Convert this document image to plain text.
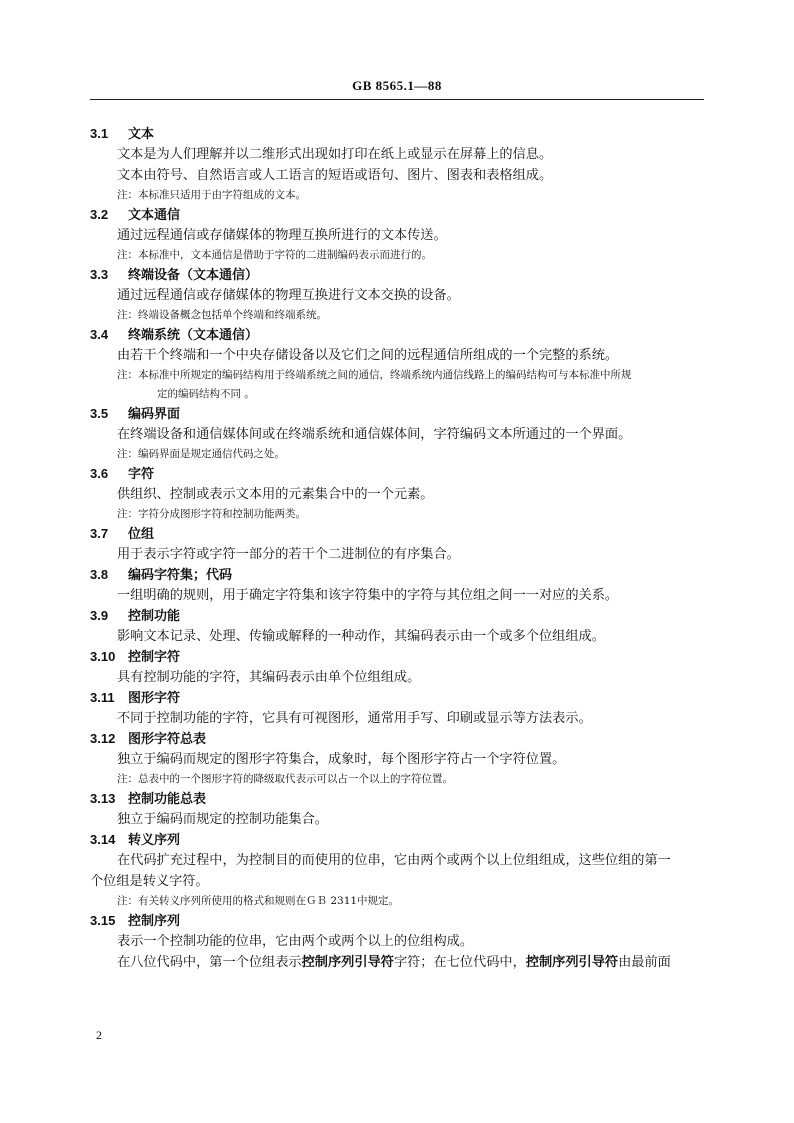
GB 8565.1—88
3.1 文本
文本是为人们理解并以二维形式出现如打印在纸上或显示在屏幕上的信息。
文本由符号、自然语言或人工语言的短语或语句、图片、图表和表格组成。
注：本标准只适用于由字符组成的文本。
3.2 文本通信
通过远程通信或存储媒体的物理互换所进行的文本传送。
注：本标准中，文本通信是借助于字符的二进制编码表示而进行的。
3.3 终端设备（文本通信）
通过远程通信或存储媒体的物理互换进行文本交换的设备。
注：终端设备概念包括单个终端和终端系统。
3.4 终端系统（文本通信）
由若干个终端和一个中央存储设备以及它们之间的远程通信所组成的一个完整的系统。
注：本标准中所规定的编码结构用于终端系统之间的通信，终端系统内通信线路上的编码结构可与本标准中所规
定的编码结构不同 。
3.5 编码界面
在终端设备和通信媒体间或在终端系统和通信媒体间，字符编码文本所通过的一个界面。
注：编码界面是规定通信代码之处。
3.6 字符
供组织、控制或表示文本用的元素集合中的一个元素。
注：字符分成图形字符和控制功能两类。
3.7 位组
用于表示字符或字符一部分的若干个二进制位的有序集合。
3.8 编码字符集；代码
一组明确的规则，用于确定字符集和该字符集中的字符与其位组之间一一对应的关系。
3.9 控制功能
影响文本记录、处理、传输或解释的一种动作，其编码表示由一个或多个位组组成。
3.10 控制字符
具有控制功能的字符，其编码表示由单个位组组成。
3.11 图形字符
不同于控制功能的字符，它具有可视图形，通常用手写、印刷或显示等方法表示。
3.12 图形字符总表
独立于编码而规定的图形字符集合，成象时，每个图形字符占一个字符位置。
注：总表中的一个图形字符的降级取代表示可以占一个以上的字符位置。
3.13 控制功能总表
独立于编码而规定的控制功能集合。
3.14 转义序列
在代码扩充过程中，为控制目的而使用的位串，它由两个或两个以上位组组成，这些位组的第一
个位组是转义字符。
注：有关转义序列所使用的格式和规则在ＧＢ 2311中规定。
3.15 控制序列
表示一个控制功能的位串，它由两个或两个以上的位组构成。
在八位代码中，第一个位组表示控制序列引导符字符；在七位代码中，控制序列引导符由最前面
2
